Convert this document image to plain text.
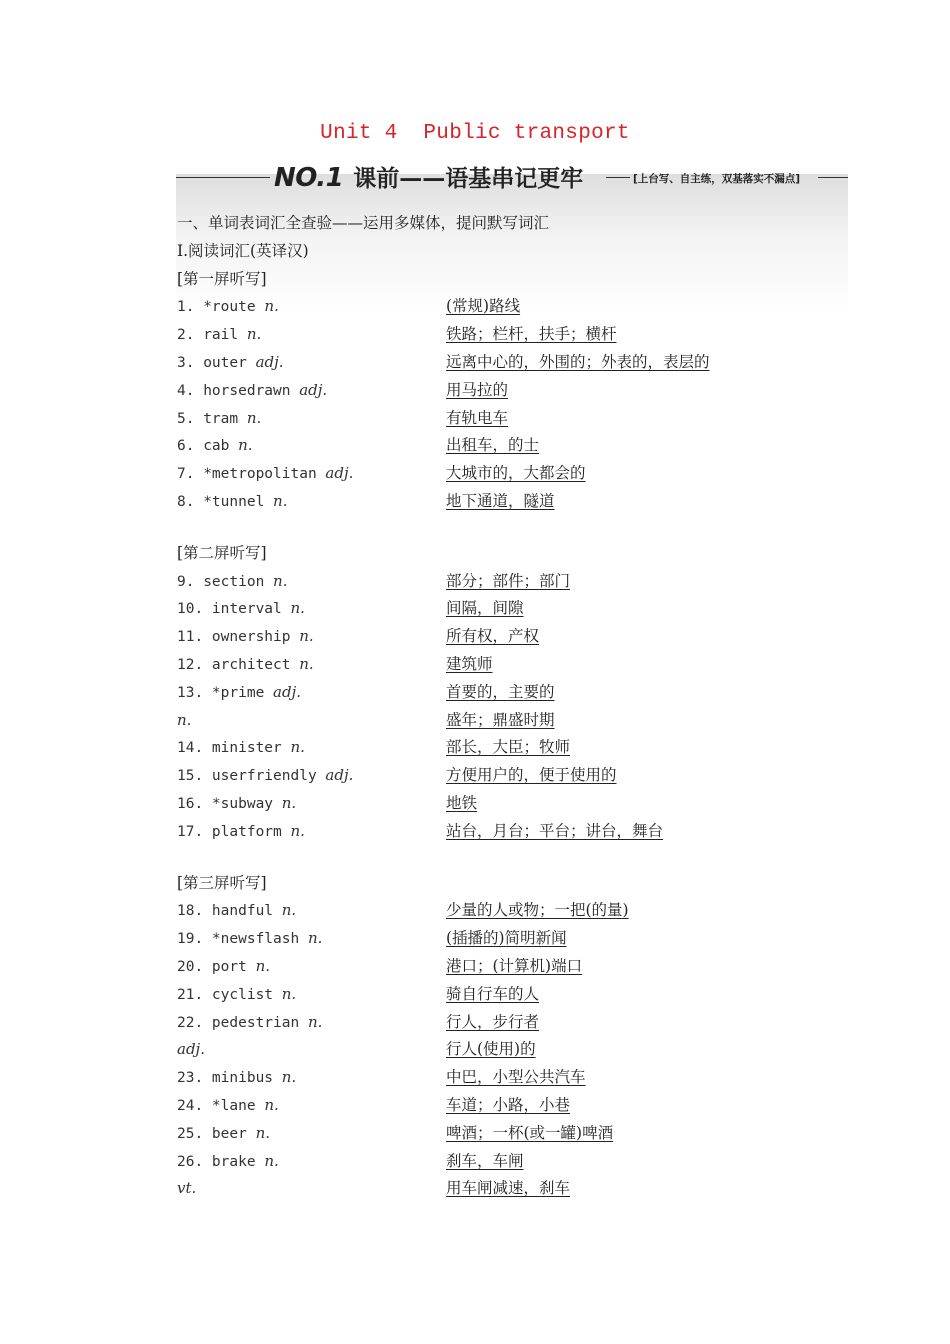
Unit 4  Public transport
NO.1 课前——语基串记更牢	[上台写、自主练，双基落实不漏点]
一、单词表词汇全查验——运用多媒体，提问默写词汇
Ⅰ.阅读词汇(英译汉)
[第一屏听写]
1. *route n.	(常规)路线
2. rail n.	铁路；栏杆，扶手；横杆
3. outer adj.	远离中心的，外围的；外表的，表层的
4. horsedrawn adj.	用马拉的
5. tram n.	有轨电车
6. cab n.	出租车，的士
7. *metropolitan adj.	大城市的，大都会的
8. *tunnel n.	地下通道，隧道
[第二屏听写]
9. section n.	部分；部件；部门
10. interval n.	间隔，间隙
11. ownership n.	所有权，产权
12. architect n.	建筑师
13. *prime adj.	首要的，主要的
n.	盛年；鼎盛时期
14. minister n.	部长，大臣；牧师
15. userfriendly adj.	方便用户的，便于使用的
16. *subway n.	地铁
17. platform n.	站台，月台；平台；讲台，舞台
[第三屏听写]
18. handful n.	少量的人或物；一把(的量)
19. *newsflash n.	(插播的)简明新闻
20. port n.	港口；(计算机)端口
21. cyclist n.	骑自行车的人
22. pedestrian n.	行人，步行者
adj.	行人(使用)的
23. minibus n.	中巴，小型公共汽车
24. *lane n.	车道；小路，小巷
25. beer n.	啤酒；一杯(或一罐)啤酒
26. brake n.	刹车，车闸
vt.	用车闸减速，刹车
